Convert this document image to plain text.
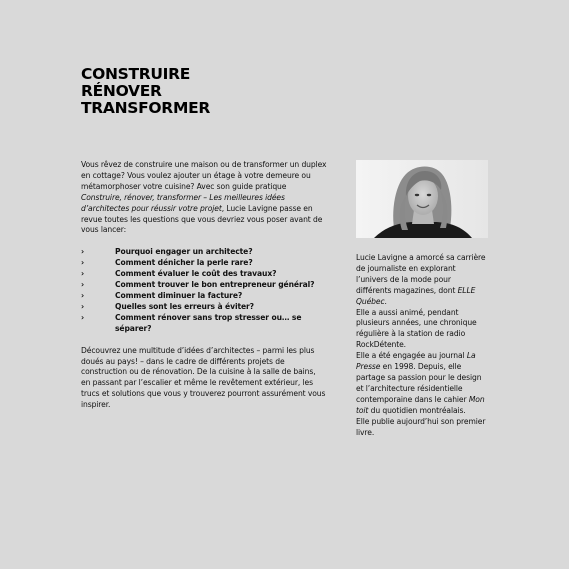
CONSTRUIRE
RÉNOVER
TRANSFORMER

Vous rêvez de construire une maison ou de transformer un duplex en cottage? Vous voulez ajouter un étage à votre demeure ou métamorphoser votre cuisine? Avec son guide pratique Construire, rénover, transformer – Les meilleures idées d’architectes pour réussir votre projet, Lucie Lavigne passe en revue toutes les questions que vous devriez vous poser avant de vous lancer:

›	Pourquoi engager un architecte?
›	Comment dénicher la perle rare?
›	Comment évaluer le coût des travaux?
›	Comment trouver le bon entrepreneur général?
›	Comment diminuer la facture?
›	Quelles sont les erreurs à éviter?
›	Comment rénover sans trop stresser ou… se séparer?

Découvrez une multitude d’idées d’architectes – parmi les plus doués au pays! – dans le cadre de différents projets de construction ou de rénovation. De la cuisine à la salle de bains, en passant par l’escalier et même le revêtement extérieur, les trucs et solutions que vous y trouverez pourront assurément vous inspirer.

Lucie Lavigne a amorcé sa carrière de journaliste en explorant l’univers de la mode pour différents magazines, dont ELLE Québec.

Elle a aussi animé, pendant plusieurs années, une chronique régulière à la station de radio RockDétente.

Elle a été engagée au journal La Presse en 1998. Depuis, elle partage sa passion pour le design et l’architecture résidentielle contemporaine dans le cahier Mon toit du quotidien montréalais.

Elle publie aujourd’hui son premier livre.
